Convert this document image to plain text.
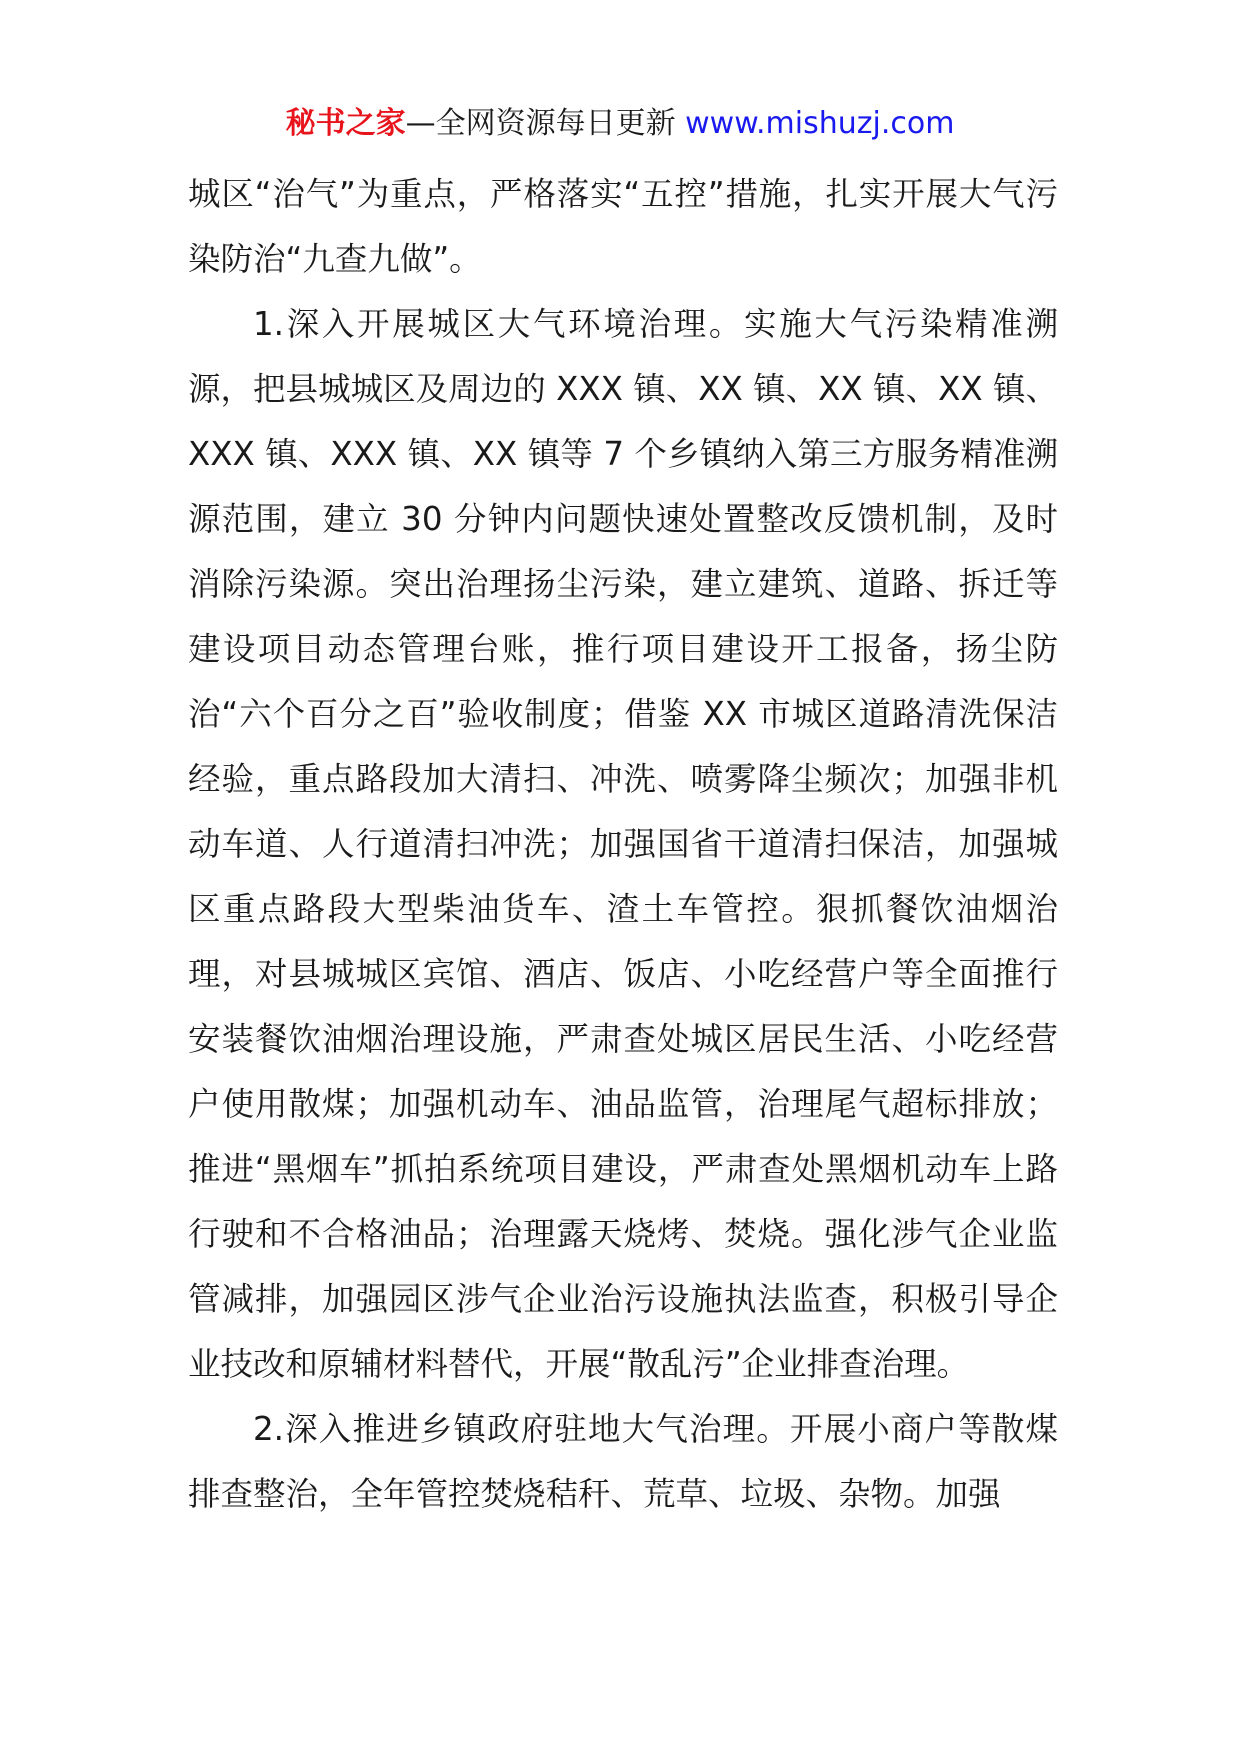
秘书之家—全网资源每日更新 www.mishuzj.com

城区“治气”为重点，严格落实“五控”措施，扎实开展大气污染防治“九查九做”。

1.深入开展城区大气环境治理。实施大气污染精准溯源，把县城城区及周边的 XXX 镇、XX 镇、XX 镇、XX 镇、XXX 镇、XXX 镇、XX 镇等 7 个乡镇纳入第三方服务精准溯源范围，建立 30 分钟内问题快速处置整改反馈机制，及时消除污染源。突出治理扬尘污染，建立建筑、道路、拆迁等建设项目动态管理台账，推行项目建设开工报备，扬尘防治“六个百分之百”验收制度；借鉴 XX 市城区道路清洗保洁经验，重点路段加大清扫、冲洗、喷雾降尘频次；加强非机动车道、人行道清扫冲洗；加强国省干道清扫保洁，加强城区重点路段大型柴油货车、渣土车管控。狠抓餐饮油烟治理，对县城城区宾馆、酒店、饭店、小吃经营户等全面推行安装餐饮油烟治理设施，严肃查处城区居民生活、小吃经营户使用散煤；加强机动车、油品监管，治理尾气超标排放；推进“黑烟车”抓拍系统项目建设，严肃查处黑烟机动车上路行驶和不合格油品；治理露天烧烤、焚烧。强化涉气企业监管减排，加强园区涉气企业治污设施执法监查，积极引导企业技改和原辅材料替代，开展“散乱污”企业排查治理。

2.深入推进乡镇政府驻地大气治理。开展小商户等散煤排查整治，全年管控焚烧秸秆、荒草、垃圾、杂物。加强
